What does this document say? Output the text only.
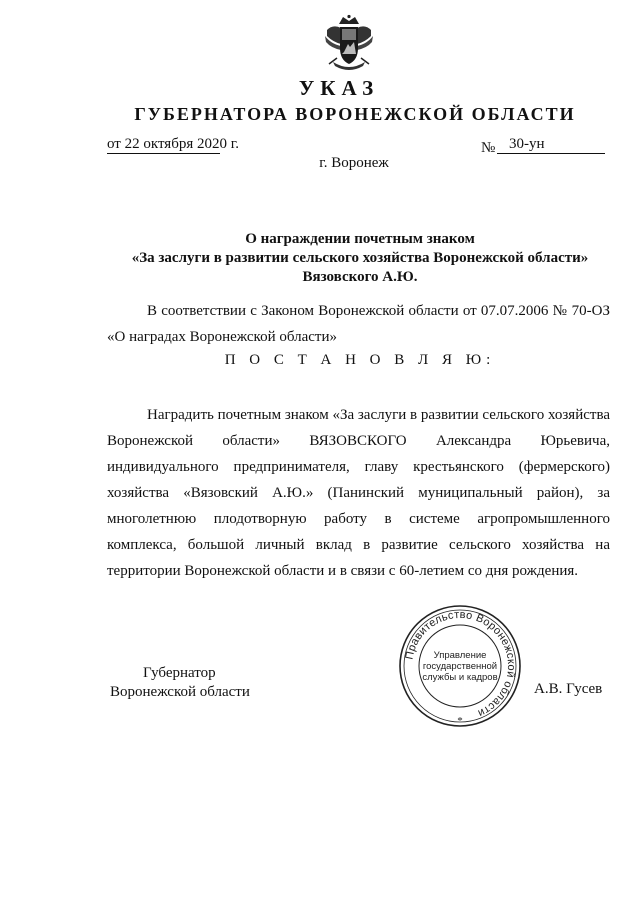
УКАЗ
ГУБЕРНАТОРА ВОРОНЕЖСКОЙ ОБЛАСТИ
от 22 октября 2020 г.	№ 30-ун
г. Воронеж
О награждении почетным знаком
«За заслуги в развитии сельского хозяйства Воронежской области»
Вязовского А.Ю.
В соответствии с Законом Воронежской области от 07.07.2006 № 70-ОЗ
«О наградах Воронежской области»
П О С Т А Н О В Л Я Ю:
Наградить почетным знаком «За заслуги в развитии сельского хозяйства
Воронежской области» ВЯЗОВСКОГО Александра Юрьевича,
индивидуального предпринимателя, главу крестьянского (фермерского)
хозяйства «Вязовский А.Ю.» (Панинский муниципальный район), за
многолетнюю плодотворную работу в системе агропромышленного
комплекса, большой личный вклад в развитие сельского хозяйства на
территории Воронежской области и в связи с 60-летием со дня рождения.
Губернатор
Воронежской области
Правительство Воронежской области
*
Управление
государственной
службы и кадров
А.В. Гусев
